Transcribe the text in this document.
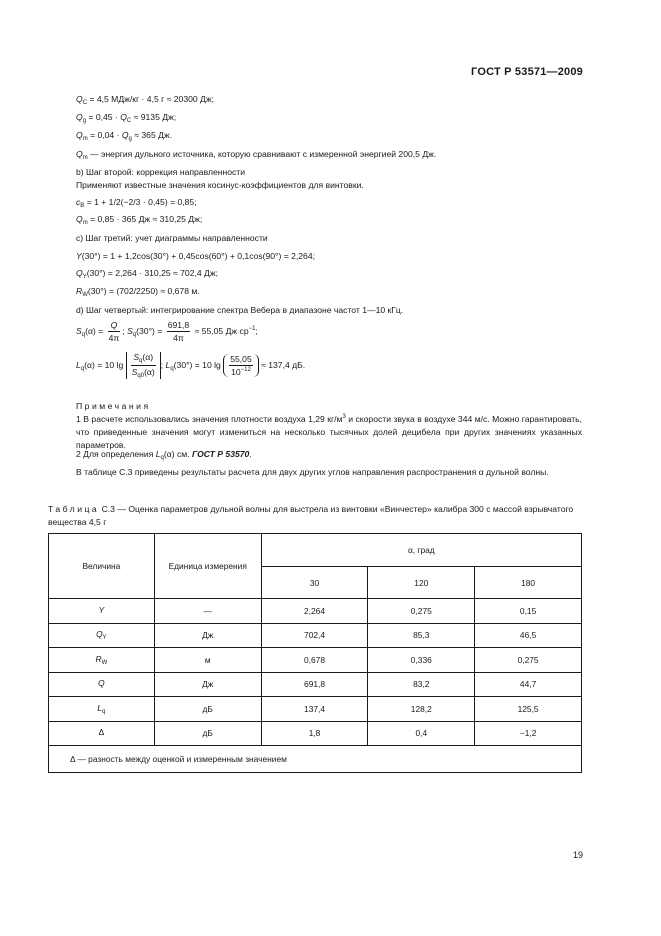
ГОСТ Р 53571—2009
$Q_C = 4,5$ МДж/кг · 4,5 г ≈ 20300 Дж;
$Q_g = 0,45 \cdot Q_C \approx 9135$ Дж;
$Q_m = 0,04 \cdot Q_g \approx 365$ Дж.
$Q_m$ — энергия дульного источника, которую сравнивают с измеренной энергией 200,5 Дж.
b) Шаг второй: коррекция направленности
Применяют известные значения косинус-коэффициентов для винтовки.
$c_B = 1 + 1/2(-2/3 \cdot 0,45) = 0,85$;
$Q_m = 0,85 \cdot 365$ Дж ≈ 310,25 Дж;
c) Шаг третий: учет диаграммы направленности
Y(30°) = 1 + 1,2cos(30°) + 0,45cos(60°) + 0,1cos(90°) = 2,264;
$Q_Y(30^\circ) = 2,264 \cdot 310,25 \approx 702,4$ Дж;
$R_W(30^\circ) = (702/2250) \approx 0,678$ м.
d) Шаг четвертый: интегрирование спектра Вебера в диапазоне частот 1—10 кГц.
$S_q(\alpha) = \frac{Q}{4\pi}$ ; $S_q(30^\circ) = \frac{691,8}{4\pi} \approx 55,05$ Дж $ср^{-1}$;
$L_q(\alpha) = 10$ $\lg \frac{S_q(\alpha)}{S_{q0}(\alpha)}$ ; $L_q(30^\circ) = 10$ $\lg \frac{55,05}{10^{-12}} \approx 137,4$ дБ.
Примечания
1 В расчете использовались значения плотности воздуха 1,29 $кг/м^3$ и скорости звука в воздухе 344 м/с. Можно гарантировать, что приведенные значения могут измениться на несколько тысячных долей децибела при других значениях указанных параметров.
2 Для определения $L_q(\alpha)$ см. ГОСТ Р 53570.
В таблице С.3 приведены результаты расчета для двух других углов направления распространения α дульной волны.
Таблица С.3 — Оценка параметров дульной волны для выстрела из винтовки «Винчестер» калибра 300 с массой взрывчатого вещества 4,5 г
Величина	Единица измерения	α, град		
		30	120	180
Y	—	2,264	0,275	0,15
$Q_Y$	Дж	702,4	85,3	46,5
$R_W$	м	0,678	0,336	0,275
Q	Дж	691,8	83,2	44,7
$L_q$	дБ	137,4	128,2	125,5
Δ	дБ	1,8	0,4	−1,2
Δ — разность между оценкой и измеренным значением				
19
